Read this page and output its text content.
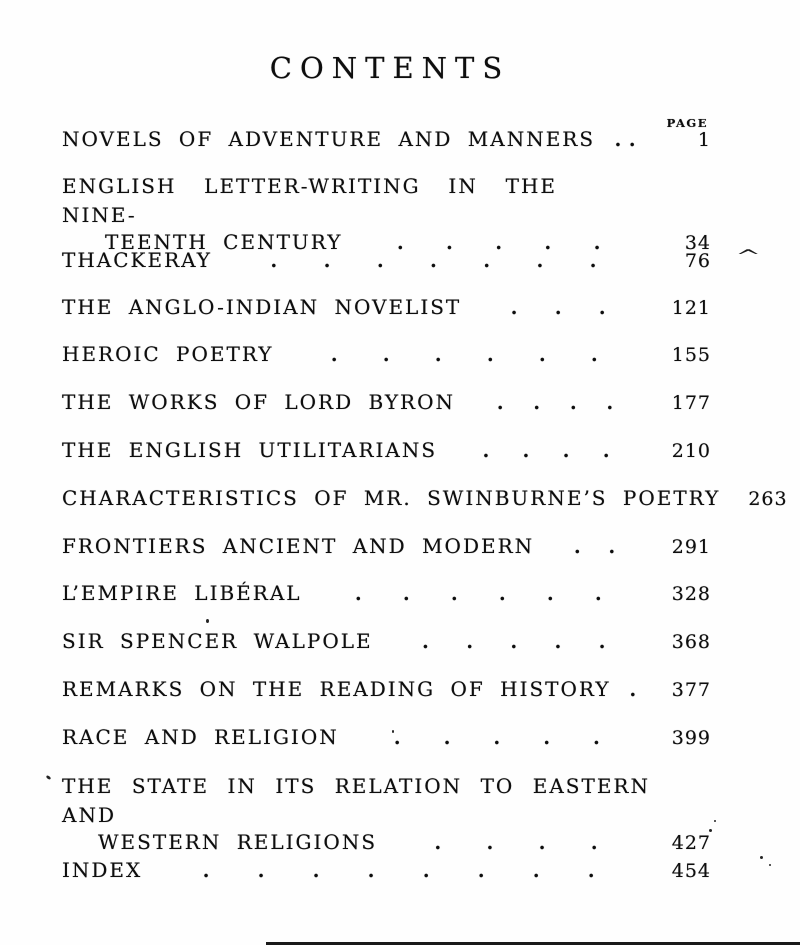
CONTENTS
PAGE
NOVELS OF ADVENTURE AND MANNERS . .	1
ENGLISH LETTER-WRITING IN THE NINE-
TEENTH CENTURY	. . . . .	34
THACKERAY	. . . . . . .	76 ^
THE ANGLO-INDIAN NOVELIST	. . .	121
HEROIC POETRY	. . . . . .	155
THE WORKS OF LORD BYRON . . . .	177
THE ENGLISH UTILITARIANS . . . .	210
CHARACTERISTICS OF MR. SWINBURNE’S POETRY 263
FRONTIERS ANCIENT AND MODERN . .	291
L’EMPIRE LIBÉRAL	. . . . . .	328
SIR SPENCER WALPOLE	. . . . .	368
REMARKS ON THE READING OF HISTORY .	377
RACE AND RELIGION	. . . . .	399
THE STATE IN ITS RELATION TO EASTERN AND
WESTERN RELIGIONS	. . . .	427
INDEX	.	.	.	.	.	.	.	.	454
